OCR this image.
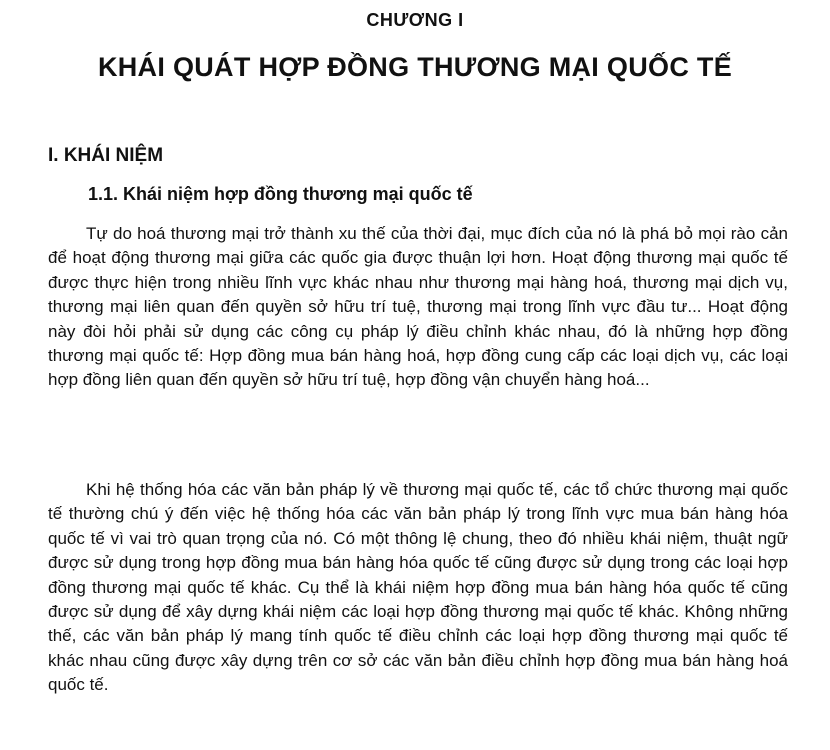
CHƯƠNG I
KHÁI QUÁT HỢP ĐỒNG THƯƠNG MẠI QUỐC TẾ
I. KHÁI NIỆM
1.1. Khái niệm hợp đồng thương mại quốc tế

Tự do hoá thương mại trở thành xu thế của thời đại, mục đích của nó là phá bỏ mọi rào cản để hoạt động thương mại giữa các quốc gia được thuận lợi hơn. Hoạt động thương mại quốc tế được thực hiện trong nhiều lĩnh vực khác nhau như thương mại hàng hoá, thương mại dịch vụ, thương mại liên quan đến quyền sở hữu trí tuệ, thương mại trong lĩnh vực đầu tư... Hoạt động này đòi hỏi phải sử dụng các công cụ pháp lý điều chỉnh khác nhau, đó là những hợp đồng thương mại quốc tế: Hợp đồng mua bán hàng hoá, hợp đồng cung cấp các loại dịch vụ, các loại hợp đồng liên quan đến quyền sở hữu trí tuệ, hợp đồng vận chuyển hàng hoá...

Khi hệ thống hóa các văn bản pháp lý về thương mại quốc tế, các tổ chức thương mại quốc tế thường chú ý đến việc hệ thống hóa các văn bản pháp lý trong lĩnh vực mua bán hàng hóa quốc tế vì vai trò quan trọng của nó. Có một thông lệ chung, theo đó nhiều khái niệm, thuật ngữ được sử dụng trong hợp đồng mua bán hàng hóa quốc tế cũng được sử dụng trong các loại hợp đồng thương mại quốc tế khác. Cụ thể là khái niệm hợp đồng mua bán hàng hóa quốc tế cũng được sử dụng để xây dựng khái niệm các loại hợp đồng thương mại quốc tế khác. Không những thế, các văn bản pháp lý mang tính quốc tế điều chỉnh các loại hợp đồng thương mại quốc tế khác nhau cũng được xây dựng trên cơ sở các văn bản điều chỉnh hợp đồng mua bán hàng hoá quốc tế.
